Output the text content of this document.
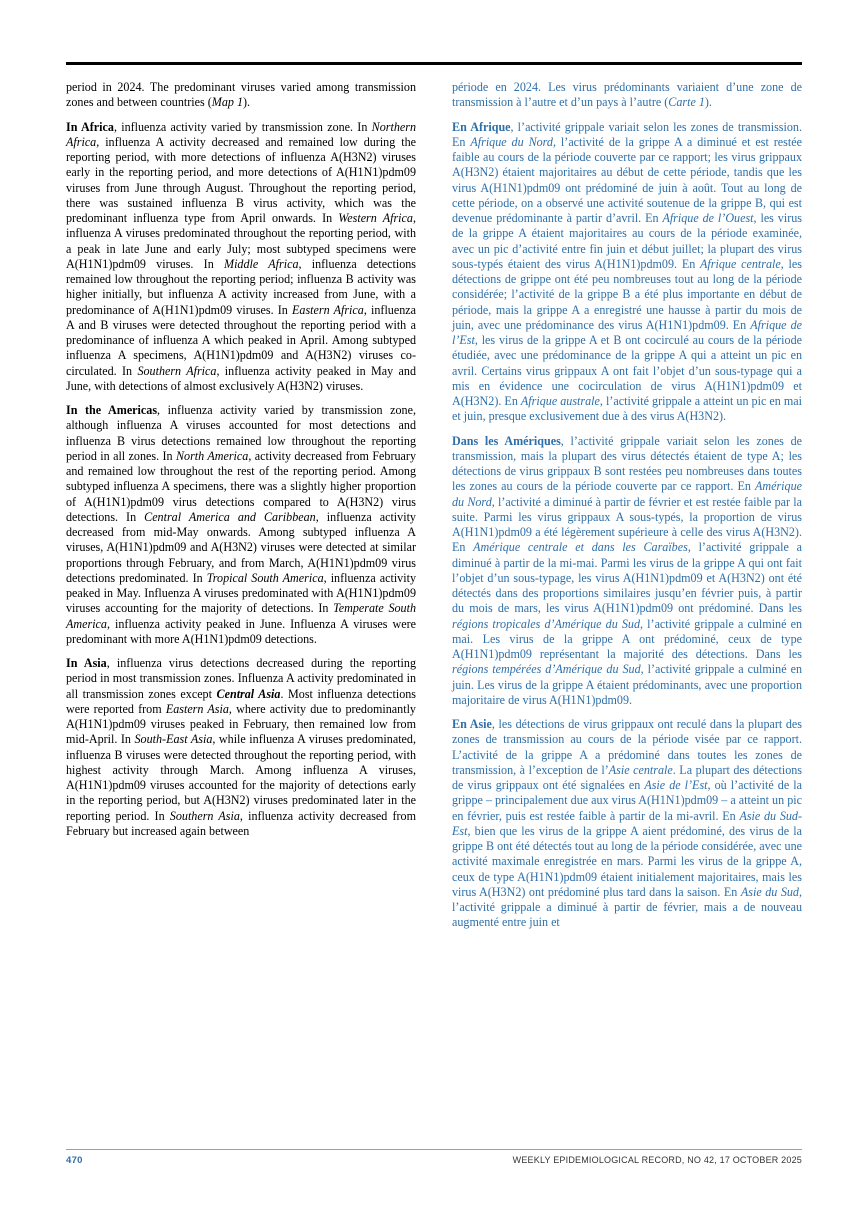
period in 2024. The predominant viruses varied among transmission zones and between countries (Map 1).

In Africa, influenza activity varied by transmission zone. In Northern Africa, influenza A activity decreased and remained low during the reporting period, with more detections of influenza A(H3N2) viruses early in the reporting period, and more detections of A(H1N1)pdm09 viruses from June through August. Throughout the reporting period, there was sustained influenza B virus activity, which was the predominant influenza type from April onwards. In Western Africa, influenza A viruses predominated throughout the reporting period, with a peak in late June and early July; most subtyped specimens were A(H1N1)pdm09 viruses. In Middle Africa, influenza detections remained low throughout the reporting period; influenza B activity was higher initially, but influenza A activity increased from June, with a predominance of A(H1N1)pdm09 viruses. In Eastern Africa, influenza A and B viruses were detected throughout the reporting period with a predominance of influenza A which peaked in April. Among subtyped influenza A specimens, A(H1N1)pdm09 and A(H3N2) viruses co-circulated. In Southern Africa, influenza activity peaked in May and June, with detections of almost exclusively A(H3N2) viruses.

In the Americas, influenza activity varied by transmission zone, although influenza A viruses accounted for most detections and influenza B virus detections remained low throughout the reporting period in all zones. In North America, activity decreased from February and remained low throughout the rest of the reporting period. Among subtyped influenza A specimens, there was a slightly higher proportion of A(H1N1)pdm09 virus detections compared to A(H3N2) virus detections. In Central America and Caribbean, influenza activity decreased from mid-May onwards. Among subtyped influenza A viruses, A(H1N1)pdm09 and A(H3N2) viruses were detected at similar proportions through February, and from March, A(H1N1)pdm09 virus detections predominated. In Tropical South America, influenza activity peaked in May. Influenza A viruses predominated with A(H1N1)pdm09 viruses accounting for the majority of detections. In Temperate South America, influenza activity peaked in June. Influenza A viruses were predominant with more A(H1N1)pdm09 detections.

In Asia, influenza virus detections decreased during the reporting period in most transmission zones. Influenza A activity predominated in all transmission zones except Central Asia. Most influenza detections were reported from Eastern Asia, where activity due to predominantly A(H1N1)pdm09 viruses peaked in February, then remained low from mid-April. In South-East Asia, while influenza A viruses predominated, influenza B viruses were detected throughout the reporting period, with highest activity through March. Among influenza A viruses, A(H1N1)pdm09 viruses accounted for the majority of detections early in the reporting period, but A(H3N2) viruses predominated later in the reporting period. In Southern Asia, influenza activity decreased from February but increased again between

période en 2024. Les virus prédominants variaient d’une zone de transmission à l’autre et d’un pays à l’autre (Carte 1).

En Afrique, l’activité grippale variait selon les zones de transmission. En Afrique du Nord, l’activité de la grippe A a diminué et est restée faible au cours de la période couverte par ce rapport; les virus grippaux A(H3N2) étaient majoritaires au début de cette période, tandis que les virus A(H1N1)pdm09 ont prédominé de juin à août. Tout au long de cette période, on a observé une activité soutenue de la grippe B, qui est devenue prédominante à partir d’avril. En Afrique de l’Ouest, les virus de la grippe A étaient majoritaires au cours de la période examinée, avec un pic d’activité entre fin juin et début juillet; la plupart des virus sous-typés étaient des virus A(H1N1)pdm09. En Afrique centrale, les détections de grippe ont été peu nombreuses tout au long de la période considérée; l’activité de la grippe B a été plus importante en début de période, mais la grippe A a enregistré une hausse à partir du mois de juin, avec une prédominance des virus A(H1N1)pdm09. En Afrique de l’Est, les virus de la grippe A et B ont cocirculé au cours de la période étudiée, avec une prédominance de la grippe A qui a atteint un pic en avril. Certains virus grippaux A ont fait l’objet d’un sous-typage qui a mis en évidence une cocirculation de virus A(H1N1)pdm09 et A(H3N2). En Afrique australe, l’activité grippale a atteint un pic en mai et juin, presque exclusivement due à des virus A(H3N2).

Dans les Amériques, l’activité grippale variait selon les zones de transmission, mais la plupart des virus détectés étaient de type A; les détections de virus grippaux B sont restées peu nombreuses dans toutes les zones au cours de la période couverte par ce rapport. En Amérique du Nord, l’activité a diminué à partir de février et est restée faible par la suite. Parmi les virus grippaux A sous-typés, la proportion de virus A(H1N1)pdm09 a été légèrement supérieure à celle des virus A(H3N2). En Amérique centrale et dans les Caraïbes, l’activité grippale a diminué à partir de la mi-mai. Parmi les virus de la grippe A qui ont fait l’objet d’un sous-typage, les virus A(H1N1)pdm09 et A(H3N2) ont été détectés dans des proportions similaires jusqu’en février puis, à partir du mois de mars, les virus A(H1N1)pdm09 ont prédominé. Dans les régions tropicales d’Amérique du Sud, l’activité grippale a culminé en mai. Les virus de la grippe A ont prédominé, ceux de type A(H1N1)pdm09 représentant la majorité des détections. Dans les régions tempérées d’Amérique du Sud, l’activité grippale a culminé en juin. Les virus de la grippe A étaient prédominants, avec une proportion majoritaire de virus A(H1N1)pdm09.

En Asie, les détections de virus grippaux ont reculé dans la plupart des zones de transmission au cours de la période visée par ce rapport. L’activité de la grippe A a prédominé dans toutes les zones de transmission, à l’exception de l’Asie centrale. La plupart des détections de virus grippaux ont été signalées en Asie de l’Est, où l’activité de la grippe – principalement due aux virus A(H1N1)pdm09 – a atteint un pic en février, puis est restée faible à partir de la mi-avril. En Asie du Sud-Est, bien que les virus de la grippe A aient prédominé, des virus de la grippe B ont été détectés tout au long de la période considérée, avec une activité maximale enregistrée en mars. Parmi les virus de la grippe A, ceux de type A(H1N1)pdm09 étaient initialement majoritaires, mais les virus A(H3N2) ont prédominé plus tard dans la saison. En Asie du Sud, l’activité grippale a diminué à partir de février, mais a de nouveau augmenté entre juin et

470	WEEKLY EPIDEMIOLOGICAL RECORD, NO 42, 17 OCTOBER 2025
